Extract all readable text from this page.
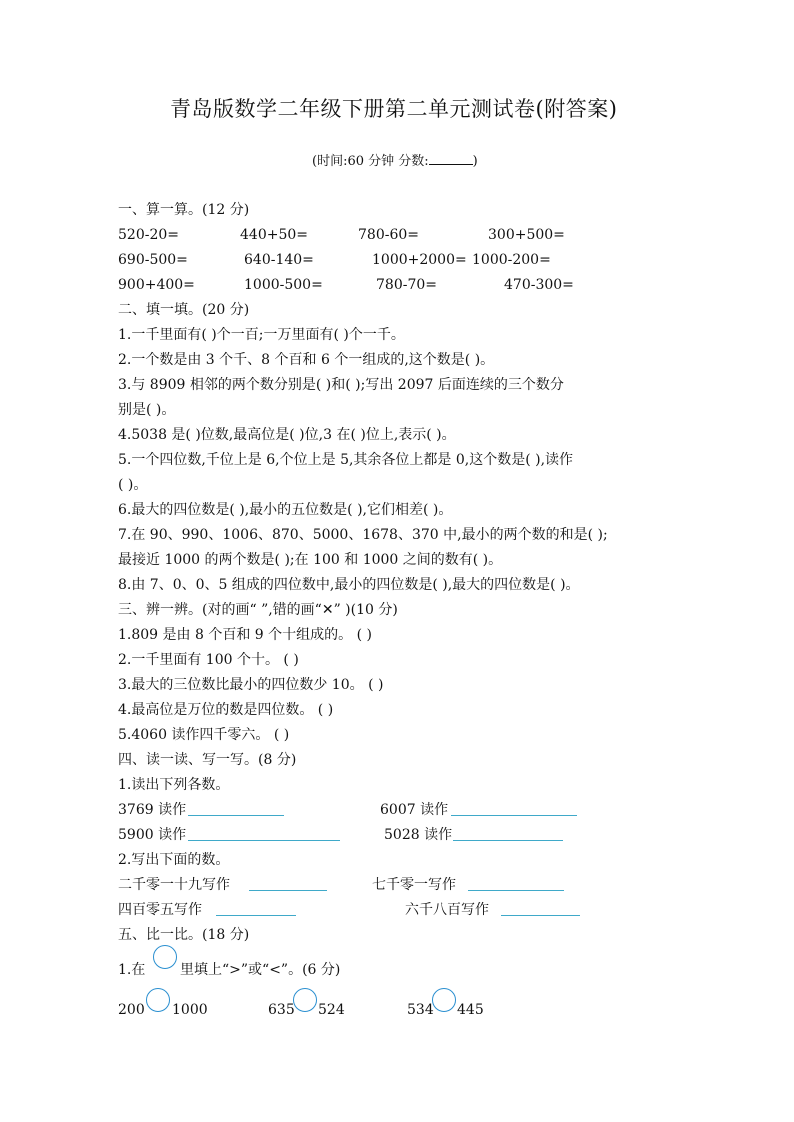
青岛版数学二年级下册第二单元测试卷(附答案)
(时间:60 分钟 分数:	)
一、算一算。(12 分)
520-20=	440+50=	780-60=	300+500=
690-500=	640-140=	1000+2000= 1000-200=
900+400=	1000-500=	780-70=	470-300=
二、填一填。(20 分)
1.一千里面有( )个一百;一万里面有( )个一千。
2.一个数是由 3 个千、8 个百和 6 个一组成的,这个数是( )。
3.与 8909 相邻的两个数分别是( )和( );写出 2097 后面连续的三个数分
别是( )。
4.5038 是( )位数,最高位是( )位,3 在( )位上,表示( )。
5.一个四位数,千位上是 6,个位上是 5,其余各位上都是 0,这个数是( ),读作
( )。
6.最大的四位数是( ),最小的五位数是( ),它们相差( )。
7.在 90、990、1006、870、5000、1678、370 中,最小的两个数的和是( );
最接近 1000 的两个数是( );在 100 和 1000 之间的数有( )。
8.由 7、0、0、5 组成的四位数中,最小的四位数是( ),最大的四位数是( )。
三、辨一辨。(对的画“ ”,错的画“✕” )(10 分)
1.809 是由 8 个百和 9 个十组成的。 ( )
2.一千里面有 100 个十。 ( )
3.最大的三位数比最小的四位数少 10。 ( )
4.最高位是万位的数是四位数。 ( )
5.4060 读作四千零六。 ( )
四、读一读、写一写。(8 分)
1.读出下列各数。
3769 读作	6007 读作
5900 读作	5028 读作
2.写出下面的数。
二千零一十九写作	七千零一写作
四百零五写作	六千八百写作
五、比一比。(18 分)
1.在 里填上“>”或“<”。(6 分)
200 1000	635 524	534 445
